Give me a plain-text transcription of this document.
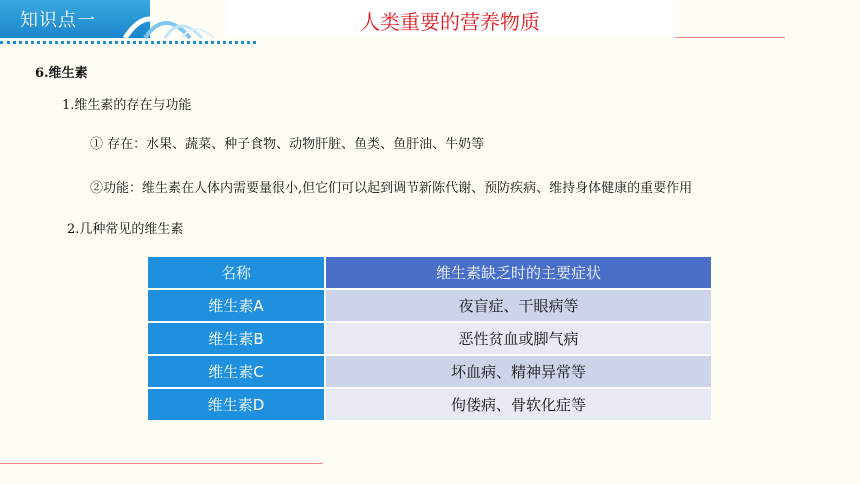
知识点一	人类重要的营养物质
6.维生素
1.维生素的存在与功能
① 存在：水果、蔬菜、种子食物、动物肝脏、鱼类、鱼肝油、牛奶等
②功能：维生素在人体内需要量很小,但它们可以起到调节新陈代谢、预防疾病、维持身体健康的重要作用
2.几种常见的维生素
名称	维生素缺乏时的主要症状
维生素A	夜盲症、干眼病等
维生素B	恶性贫血或脚气病
维生素C	坏血病、精神异常等
维生素D	佝偻病、骨软化症等
